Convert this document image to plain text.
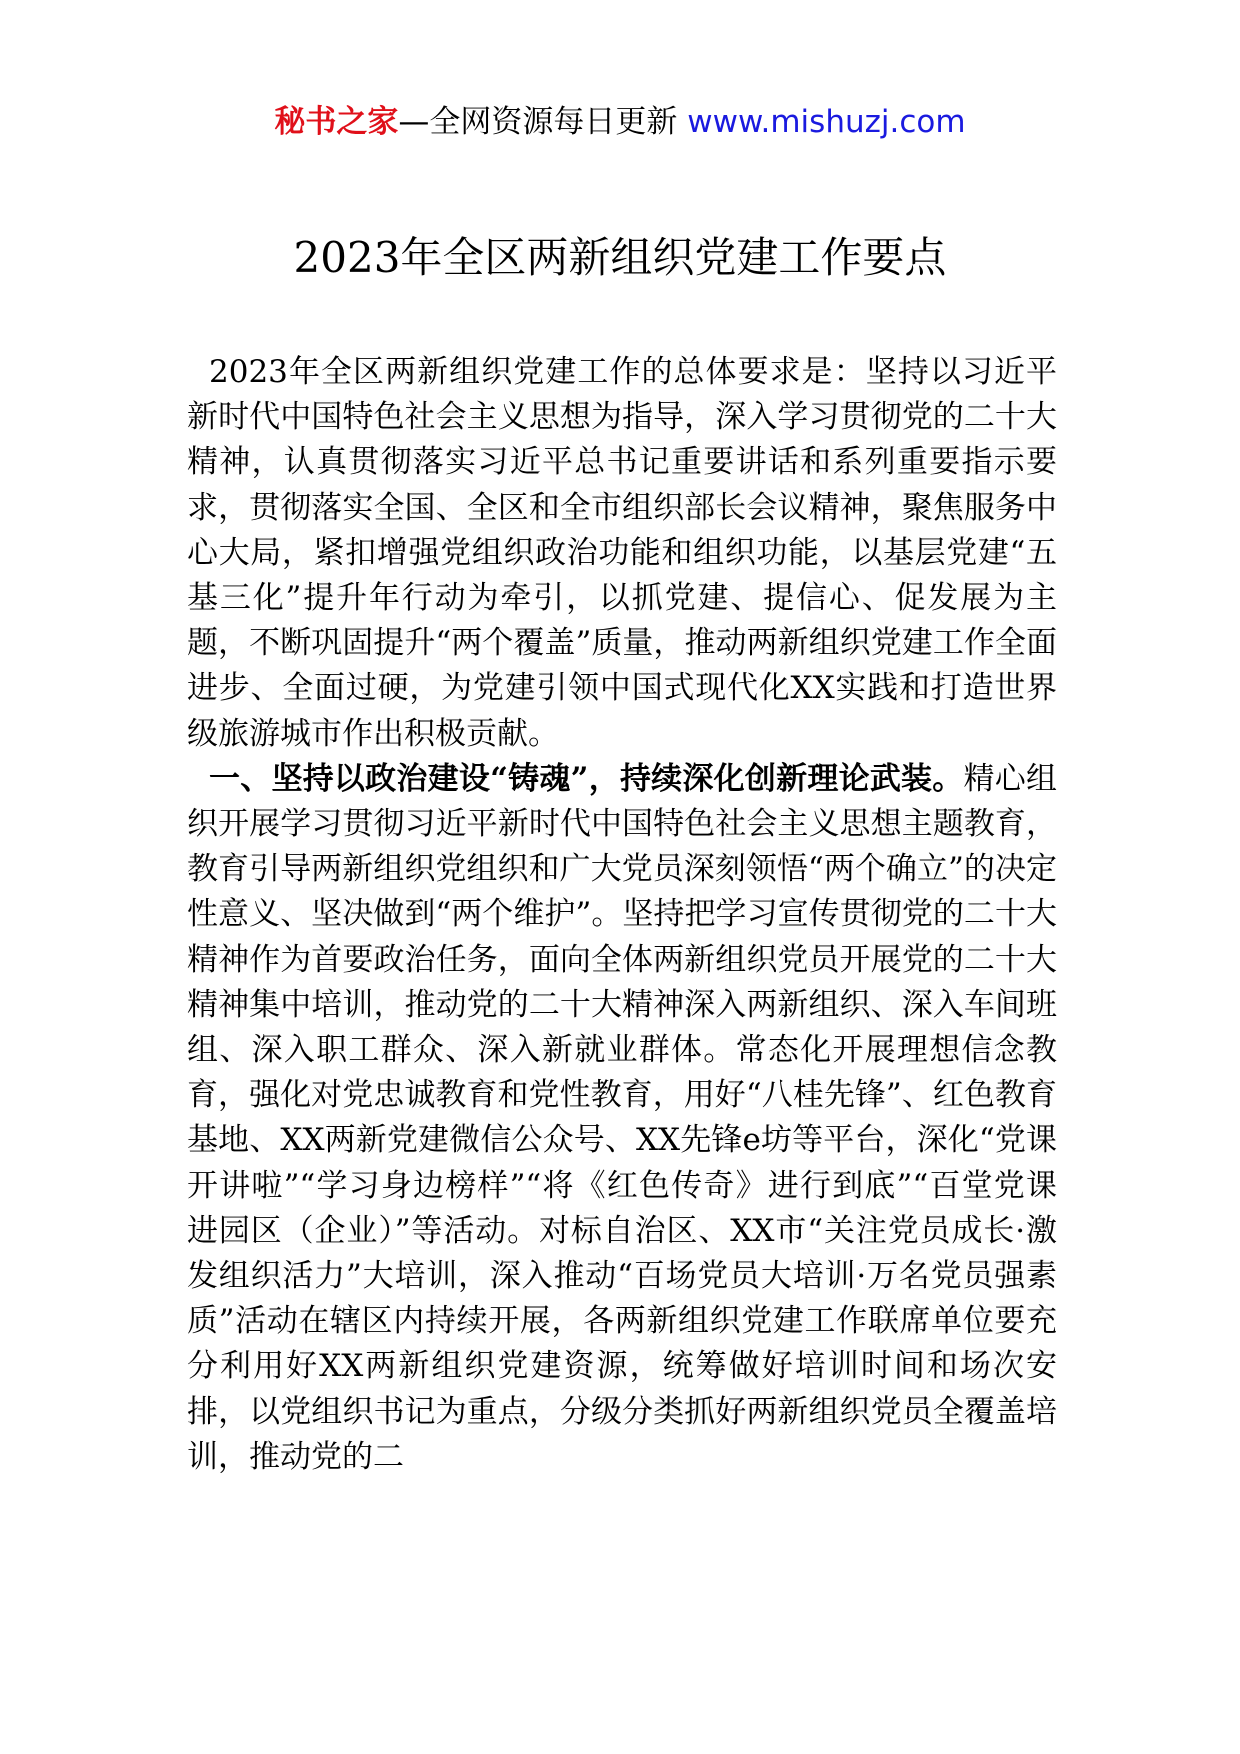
秘书之家—全网资源每日更新 www.mishuzj.com
2023年全区两新组织党建工作要点

2023年全区两新组织党建工作的总体要求是：坚持以习近平新时代中国特色社会主义思想为指导，深入学习贯彻党的二十大精神，认真贯彻落实习近平总书记重要讲话和系列重要指示要求，贯彻落实全国、全区和全市组织部长会议精神，聚焦服务中心大局，紧扣增强党组织政治功能和组织功能，以基层党建“五基三化”提升年行动为牵引，以抓党建、提信心、促发展为主题，不断巩固提升“两个覆盖”质量，推动两新组织党建工作全面进步、全面过硬，为党建引领中国式现代化XX实践和打造世界级旅游城市作出积极贡献。

一、坚持以政治建设“铸魂”，持续深化创新理论武装。精心组织开展学习贯彻习近平新时代中国特色社会主义思想主题教育，教育引导两新组织党组织和广大党员深刻领悟“两个确立”的决定性意义、坚决做到“两个维护”。坚持把学习宣传贯彻党的二十大精神作为首要政治任务，面向全体两新组织党员开展党的二十大精神集中培训，推动党的二十大精神深入两新组织、深入车间班组、深入职工群众、深入新就业群体。常态化开展理想信念教育，强化对党忠诚教育和党性教育，用好“八桂先锋”、红色教育基地、XX两新党建微信公众号、XX先锋e坊等平台，深化“党课开讲啦”“学习身边榜样”“将《红色传奇》进行到底”“百堂党课进园区（企业）”等活动。对标自治区、XX市“关注党员成长·激发组织活力”大培训，深入推动“百场党员大培训·万名党员强素质”活动在辖区内持续开展，各两新组织党建工作联席单位要充分利用好XX两新组织党建资源，统筹做好培训时间和场次安排，以党组织书记为重点，分级分类抓好两新组织党员全覆盖培训，推动党的二
